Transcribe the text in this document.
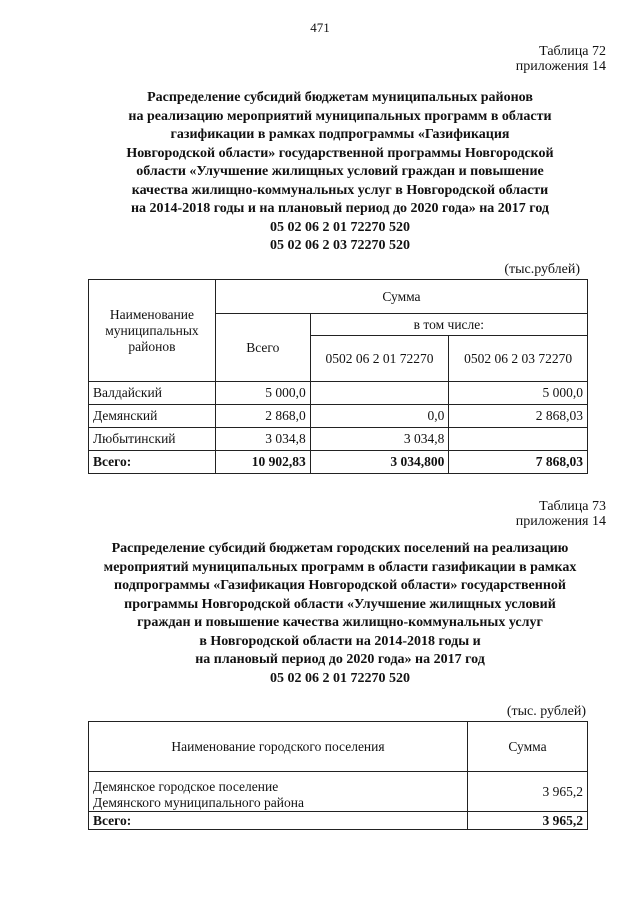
471
Таблица 72
приложения 14
Распределение субсидий бюджетам муниципальных районов
на реализацию мероприятий муниципальных программ в области
газификации в рамках подпрограммы «Газификация
Новгородской области» государственной программы Новгородской
области «Улучшение жилищных условий граждан и повышение
качества жилищно-коммунальных услуг в Новгородской области
на 2014-2018 годы и на плановый период до 2020 года» на 2017 год
05 02 06 2 01 72270 520
05 02 06 2 03 72270 520
(тыс.рублей)
Наименование
муниципальных
районов	Сумма		
	Всего	в том числе:	
		0502 06 2 01 72270	0502 06 2 03 72270
Валдайский	5 000,0		5 000,0
Демянский	2 868,0	0,0	2 868,03
Любытинский	3 034,8	3 034,8	
Всего:	10 902,83	3 034,800	7 868,03
Таблица 73
приложения 14
Распределение субсидий бюджетам городских поселений на реализацию
мероприятий муниципальных программ в области газификации в рамках
подпрограммы «Газификация Новгородской области» государственной
программы Новгородской области «Улучшение жилищных условий
граждан и повышение качества жилищно-коммунальных услуг
в Новгородской области на 2014-2018 годы и
на плановый период до 2020 года» на 2017 год
05 02 06 2 01 72270 520
(тыс. рублей)
Наименование городского поселения	Сумма

Демянское городское поселение
Демянского муниципального района	3 965,2
Всего:	3 965,2
